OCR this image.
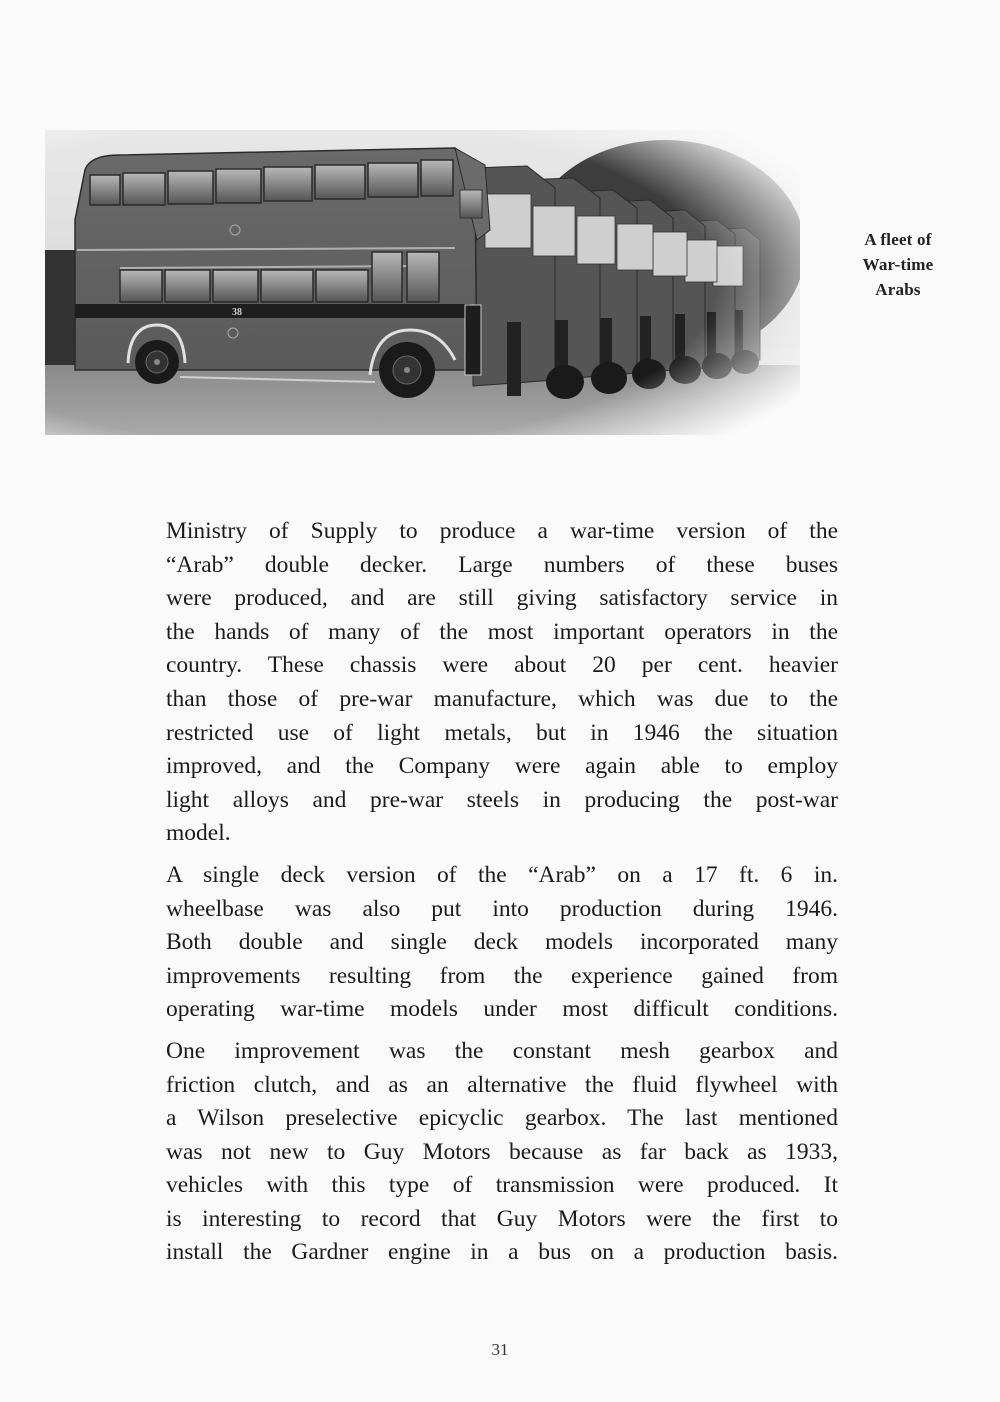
A fleet of
War-time
Arabs

Ministry of Supply to produce a war-time version of the
“Arab” double decker. Large numbers of these buses
were produced, and are still giving satisfactory service in
the hands of many of the most important operators in the
country. These chassis were about 20 per cent. heavier
than those of pre-war manufacture, which was due to the
restricted use of light metals, but in 1946 the situation
improved, and the Company were again able to employ
light alloys and pre-war steels in producing the post-war
model.

A single deck version of the “Arab” on a 17 ft. 6 in.
wheelbase was also put into production during 1946.
Both double and single deck models incorporated many
improvements resulting from the experience gained from
operating war-time models under most difficult conditions.

One improvement was the constant mesh gearbox and
friction clutch, and as an alternative the fluid flywheel with
a Wilson preselective epicyclic gearbox. The last mentioned
was not new to Guy Motors because as far back as 1933,
vehicles with this type of transmission were produced. It
is interesting to record that Guy Motors were the first to
install the Gardner engine in a bus on a production basis.

31
